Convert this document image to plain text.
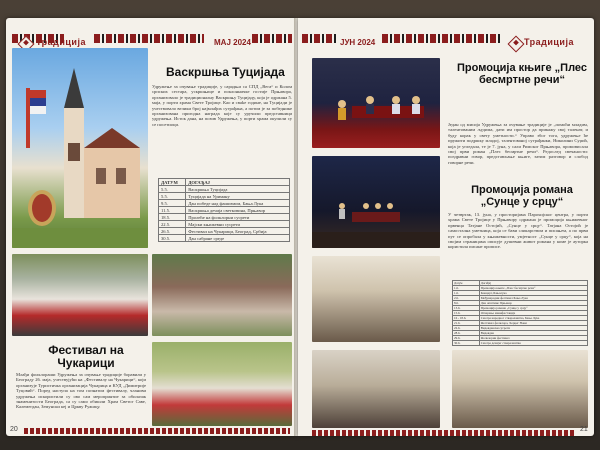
Традиција	МАЈ 2024
Васкршња Туцијада
Удружење за очување традиције, у сарадњи са СПД „Вега“ и Колом српских сестара, ускршњице и поклонничке гостије Прњавора, организовало је традиционалну Васкршњу Туцијаду, која је одржана 5. маја, у порти храма Свете Тројице. Као и свake године, на Туцијади је учествовало велики број најмлађих суграђана, а потом је за победнике организована пригодна награда које су уручили представници удружења. Исток дана, на позив Удружења, у порти храма окупили су се посетиоци.
ДАТУМ	ДОГАЂАЈ
5.5.	Васкршња Туцијада
5.5.	Туцијада на Уриману
9.5.	Дан победе над фашизмом, Бања Лука
11.5.	Васкршња дечија светковина, Прњавор
18.5.	Пролеће на фолклорни сусрети
22.5.	Мајски књижевни сусрети
26.5.	Фестивал на Чукарици, Београд, Србија
30.5.	Дан сабране среде
Фестивал на Чукарици
Млађи фолклораши Удружења за очување традиције боравили у Београду 26. маја, учествујући на „Фестивалу на Чукарици“, који организује Туристичка организација Чукарица и КУД „Димитрије Туцовић“. Поред наступа на том познатом фестивалу, чланови удружења искористили су ово сам мероприятие за обилазак знаменитости Београда, са су само обишли Храм Светог Саве, Калемегдан, Земунски кеј и Цркву Ружицу.
20
ЈУН 2024	Традиција
Промоција књиге „Плес бесмртне речи“
Један од мисија Удружења за очување традиције је „помоћи младим, талентованим људима, дати им простор да прикажу свој таленат, и буду корак у свету уметности.“ Управо због тога, удружење ћe пружити подршку младој, талентованој суграђанки, Николини Суџић, која је угледала, те је 7. јуна, у сали Римског Прњавора, промовисала свој први роман „Плес бесмртне речи“. Редослед свечаности: поздравни говор, представљање књиге, затим разговор и слобод говорне речи.
Промоција романа „Сунце у срцу“
У четвртак, 13. јуна, у просторијама Парохијског центра, у порти храма Свете Тројице у Прњавору одржана је промоција књижевног првенца Татјане Остојић, „Сунце у срцу“. Татјана Остојић је самостална уметница, која се бави сликарством и писањем, а по први пут се опробала у књижевности, умјетност „Сунце у срцу“, која на својим страницама описује душевни живот романа у коме је ауторка користила писане прописе.
Датум	Догађај
1.6.	Промоција књиге „Плес бесмртне речи“
1.6.	Концерт, Бањалука
2.6.	Међународни фестивал Бања Лука
8.6.	Дан општине Прњавор
13.6.	Промоција романа „Сунце у срцу“
15.6.	Отварање манифестације
16 - 18.6.	Смотра народног стваралаштва, Бања Лука
21.6.	Фестивал фолклора, Херцег Нови
22.6.	Видовдански сусрети
28.6.	Видовдан
29.6.	Фолклорни фестивал
30.6.	Смотра дечијег стваралаштва
21
